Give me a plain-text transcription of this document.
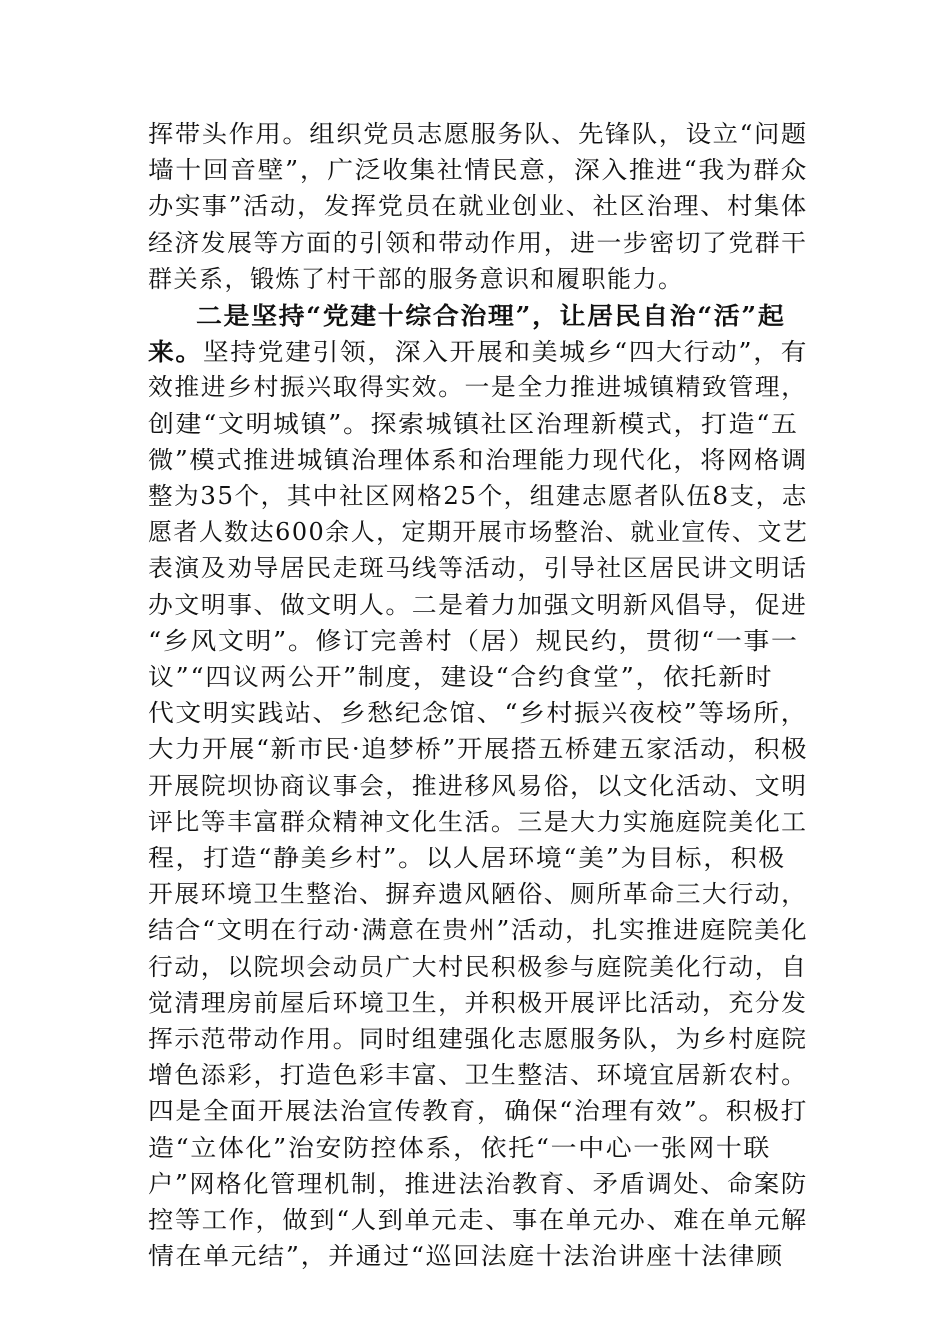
挥带头作用。组织党员志愿服务队、先锋队，设立“问题
墙十回音壁”，广泛收集社情民意，深入推进“我为群众
办实事”活动，发挥党员在就业创业、社区治理、村集体
经济发展等方面的引领和带动作用，进一步密切了党群干
群关系，锻炼了村干部的服务意识和履职能力。
二是坚持“党建十综合治理”，让居民自治“活”起
来。坚持党建引领，深入开展和美城乡“四大行动”，有
效推进乡村振兴取得实效。一是全力推进城镇精致管理，
创建“文明城镇”。探索城镇社区治理新模式，打造“五
微”模式推进城镇治理体系和治理能力现代化，将网格调
整为35个，其中社区网格25个，组建志愿者队伍8支，志
愿者人数达600余人，定期开展市场整治、就业宣传、文艺
表演及劝导居民走斑马线等活动，引导社区居民讲文明话
办文明事、做文明人。二是着力加强文明新风倡导，促进
“乡风文明”。修订完善村（居）规民约，贯彻“一事一
议”“四议两公开”制度，建设“合约食堂”，依托新时
代文明实践站、乡愁纪念馆、“乡村振兴夜校”等场所，
大力开展“新市民·追梦桥”开展搭五桥建五家活动，积极
开展院坝协商议事会，推进移风易俗，以文化活动、文明
评比等丰富群众精神文化生活。三是大力实施庭院美化工
程，打造“静美乡村”。以人居环境“美”为目标，积极
开展环境卫生整治、摒弃遗风陋俗、厕所革命三大行动，
结合“文明在行动·满意在贵州”活动，扎实推进庭院美化
行动，以院坝会动员广大村民积极参与庭院美化行动，自
觉清理房前屋后环境卫生，并积极开展评比活动，充分发
挥示范带动作用。同时组建强化志愿服务队，为乡村庭院
增色添彩，打造色彩丰富、卫生整洁、环境宜居新农村。
四是全面开展法治宣传教育，确保“治理有效”。积极打
造“立体化”治安防控体系，依托“一中心一张网十联
户”网格化管理机制，推进法治教育、矛盾调处、命案防
控等工作，做到“人到单元走、事在单元办、难在单元解
情在单元结”，并通过“巡回法庭十法治讲座十法律顾
